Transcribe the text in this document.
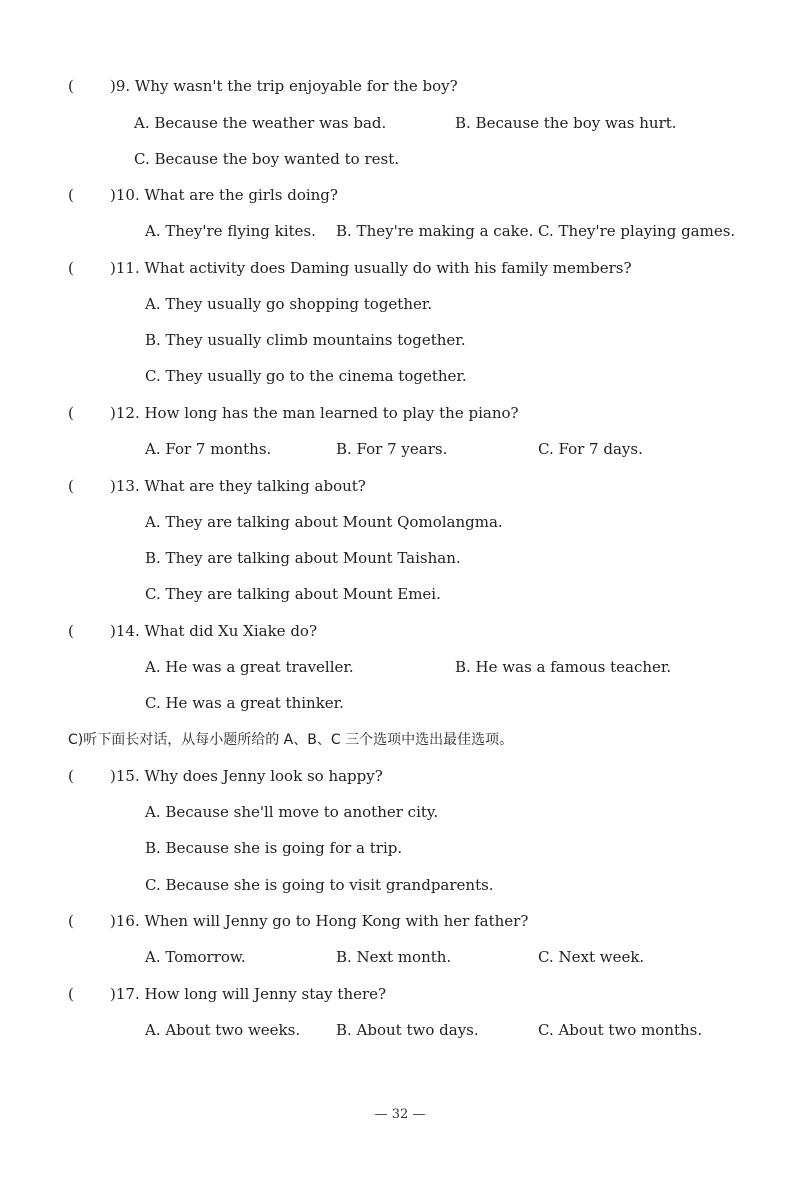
( )9. Why wasn't the trip enjoyable for the boy?
A. Because the weather was bad.	B. Because the boy was hurt.
C. Because the boy wanted to rest.
( )10. What are the girls doing?
A. They're flying kites. B. They're making a cake. C. They're playing games.
( )11. What activity does Daming usually do with his family members?
A. They usually go shopping together.
B. They usually climb mountains together.
C. They usually go to the cinema together.
( )12. How long has the man learned to play the piano?
A. For 7 months.	B. For 7 years.	C. For 7 days.
( )13. What are they talking about?
A. They are talking about Mount Qomolangma.
B. They are talking about Mount Taishan.
C. They are talking about Mount Emei.
( )14. What did Xu Xiake do?
A. He was a great traveller.	B. He was a famous teacher.
C. He was a great thinker.
C)听下面长对话，从每小题所给的 A、B、C 三个选项中选出最佳选项。
( )15. Why does Jenny look so happy?
A. Because she'll move to another city.
B. Because she is going for a trip.
C. Because she is going to visit grandparents.
( )16. When will Jenny go to Hong Kong with her father?
A. Tomorrow.	B. Next month.	C. Next week.
( )17. How long will Jenny stay there?
A. About two weeks. B. About two days.	C. About two months.
— 32 —
